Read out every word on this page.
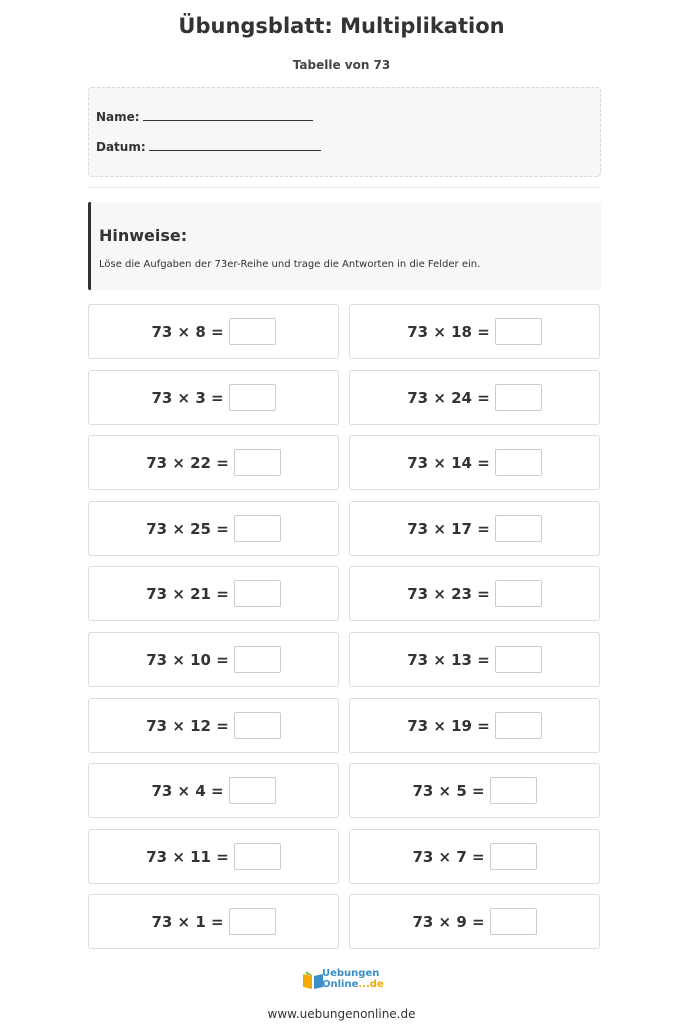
Übungsblatt: Multiplikation
Tabelle von 73
Name:
Datum:
Hinweise:
Löse die Aufgaben der 73er-Reihe und trage die Antworten in die Felder ein.
73 × 8 =	73 × 18 =
73 × 3 =	73 × 24 =
73 × 22 =	73 × 14 =
73 × 25 =	73 × 17 =
73 × 21 =	73 × 23 =
73 × 10 =	73 × 13 =
73 × 12 =	73 × 19 =
73 × 4 =	73 × 5 =
73 × 11 =	73 × 7 =
73 × 1 =	73 × 9 =
Uebungen
Online...de
www.uebungenonline.de
